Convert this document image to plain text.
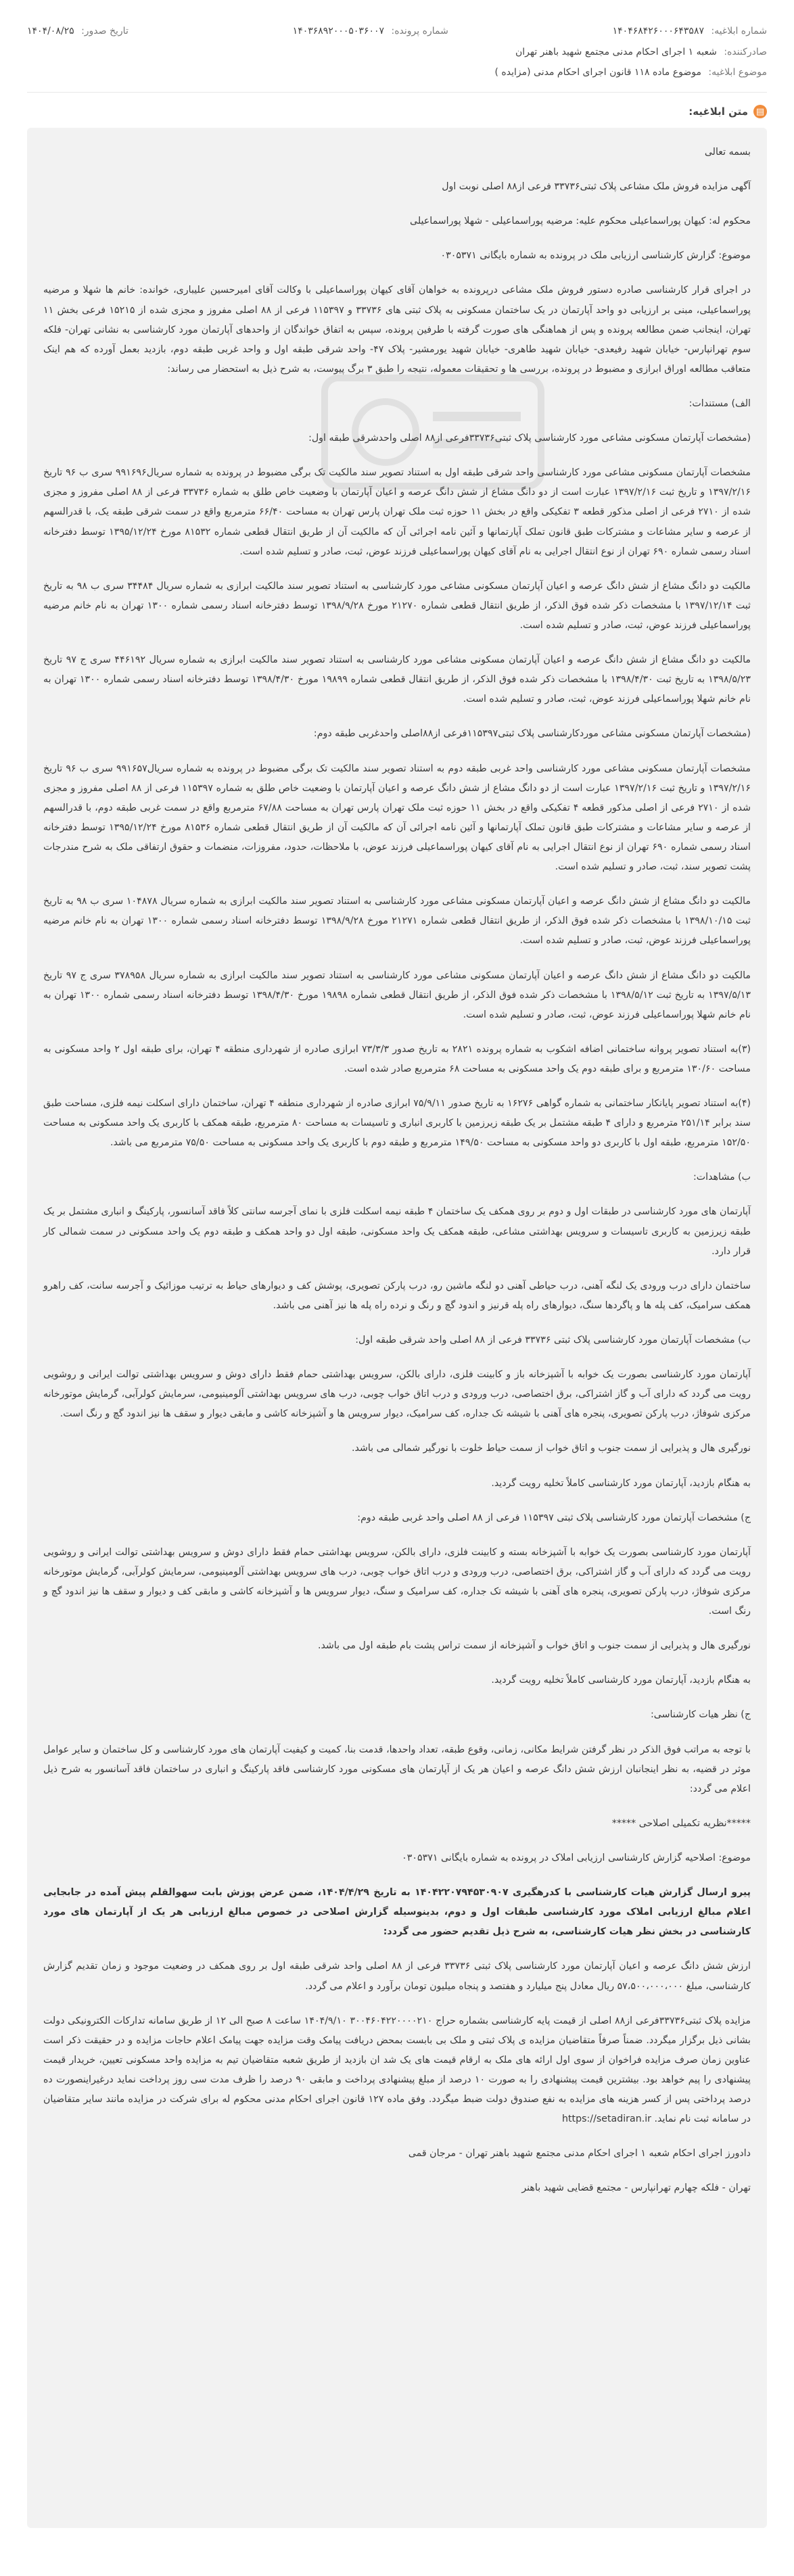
شماره ابلاغیه: ۱۴۰۴۶۸۴۲۶۰۰۰۶۴۳۵۸۷
شماره پرونده: ۱۴۰۳۶۸۹۲۰۰۰۵۰۳۶۰۰۷
تاریخ صدور: ۱۴۰۴/۰۸/۲۵
صادرکننده: شعبه ۱ اجرای احکام مدنی مجتمع شهید باهنر تهران
موضوع ابلاغیه: موضوع ماده ۱۱۸ قانون اجرای احکام مدنی (مزایده )
▤
متن ابلاغیه:

بسمه تعالی

آگهی مزایده فروش ملک مشاعی پلاک ثبتی۳۳۷۳۶ فرعی از۸۸ اصلی نوبت اول

محکوم له: کیهان پوراسماعیلی محکوم علیه: مرضیه پوراسماعیلی - شهلا پوراسماعیلی

موضوع: گزارش کارشناسی ارزیابی ملک در پرونده به شماره بایگانی ۰۳۰۵۳۷۱

در اجرای قرار کارشناسی صادره دستور فروش ملک مشاعی درپرونده به خواهان آقای کیهان پوراسماعیلی با وکالت آقای امیرحسین علیباری، خوانده: خانم ها شهلا و مرضیه پوراسماعیلی، مبنی بر ارزیابی دو واحد آپارتمان در یک ساختمان مسکونی به پلاک ثبتی های ۳۳۷۳۶ و ۱۱۵۳۹۷ فرعی از ۸۸ اصلی مفروز و مجزی شده از ۱۵۲۱۵ فرعی بخش ۱۱ تهران، اینجانب ضمن مطالعه پرونده و پس از هماهنگی های صورت گرفته با طرفین پرونده، سپس به اتفاق خواندگان از واحدهای آپارتمان مورد کارشناسی به نشانی تهران- فلکه سوم تهرانپارس- خیابان شهید رفیعدی- خیابان شهید طاهری- خیابان شهید یورمشیر- پلاک ۴۷- واحد شرقی طبقه اول و واحد غربی طبقه دوم، بازدید بعمل آورده که هم اینک متعاقب مطالعه اوراق ابرازی و مضبوط در پرونده، بررسی ها و تحقیقات معموله، نتیجه را طبق ۳ برگ پیوست، به شرح ذیل به استحضار می رساند:

الف) مستندات:

(مشخصات آپارتمان مسکونی مشاعی مورد کارشناسی پلاک ثبتی۳۳۷۳۶فرعی از۸۸ اصلی واحدشرقی طبقه اول:

مشخصات آپارتمان مسکونی مشاعی مورد کارشناسی واحد شرقی طبقه اول به استناد تصویر سند مالکیت تک برگی مضبوط در پرونده به شماره سریال۹۹۱۶۹۶ سری ب ۹۶ تاریخ ۱۳۹۷/۲/۱۶ و تاریخ ثبت ۱۳۹۷/۲/۱۶ عبارت است از دو دانگ مشاع از شش دانگ عرصه و اعیان آپارتمان با وضعیت خاص طلق به شماره ۳۳۷۳۶ فرعی از ۸۸ اصلی مفروز و مجزی شده از ۲۷۱۰ فرعی از اصلی مذکور قطعه ۳ تفکیکی واقع در بخش ۱۱ حوزه ثبت ملک تهران پارس تهران به مساحت ۶۶/۴۰ مترمربع واقع در سمت شرقی طبقه یک، با قدرالسهم از عرصه و سایر مشاعات و مشترکات طبق قانون تملک آپارتمانها و آئین نامه اجرائی آن که مالکیت آن از طریق انتقال قطعی شماره ۸۱۵۳۲ مورخ ۱۳۹۵/۱۲/۲۴ توسط دفترخانه اسناد رسمی شماره ۶۹۰ تهران از نوع انتقال اجرایی به نام آقای کیهان پوراسماعیلی فرزند عوض، ثبت، صادر و تسلیم شده است.

مالکیت دو دانگ مشاع از شش دانگ عرصه و اعیان آپارتمان مسکونی مشاعی مورد کارشناسی به استناد تصویر سند مالکیت ابرازی به شماره سریال ۳۴۴۸۴ سری ب ۹۸ به تاریخ ثبت ۱۳۹۷/۱۲/۱۴ با مشخصات ذکر شده فوق الذکر، از طریق انتقال قطعی شماره ۲۱۲۷۰ مورخ ۱۳۹۸/۹/۲۸ توسط دفترخانه اسناد رسمی شماره ۱۳۰۰ تهران به نام خانم مرضیه پوراسماعیلی فرزند عوض، ثبت، صادر و تسلیم شده است.

مالکیت دو دانگ مشاع از شش دانگ عرصه و اعیان آپارتمان مسکونی مشاعی مورد کارشناسی به استناد تصویر سند مالکیت ابرازی به شماره سریال ۴۴۶۱۹۲ سری ج ۹۷ تاریخ ۱۳۹۸/۵/۲۳ به تاریخ ثبت ۱۳۹۸/۴/۳۰ با مشخصات ذکر شده فوق الذکر، از طریق انتقال قطعی شماره ۱۹۸۹۹ مورخ ۱۳۹۸/۴/۳۰ توسط دفترخانه اسناد رسمی شماره ۱۳۰۰ تهران به نام خانم شهلا پوراسماعیلی فرزند عوض، ثبت، صادر و تسلیم شده است.

(مشخصات آپارتمان مسکونی مشاعی موردکارشناسی پلاک ثبتی۱۱۵۳۹۷فرعی از۸۸اصلی واحدغربی طبقه دوم:

مشخصات آپارتمان مسکونی مشاعی مورد کارشناسی واحد غربی طبقه دوم به استناد تصویر سند مالکیت تک برگی مضبوط در پرونده به شماره سریال۹۹۱۶۵۷ سری ب ۹۶ تاریخ ۱۳۹۷/۲/۱۶ و تاریخ ثبت ۱۳۹۷/۲/۱۶ عبارت است از دو دانگ مشاع از شش دانگ عرصه و اعیان آپارتمان با وضعیت خاص طلق به شماره ۱۱۵۳۹۷ فرعی از ۸۸ اصلی مفروز و مجزی شده از ۲۷۱۰ فرعی از اصلی مذکور قطعه ۴ تفکیکی واقع در بخش ۱۱ حوزه ثبت ملک تهران پارس تهران به مساحت ۶۷/۸۸ مترمربع واقع در سمت غربی طبقه دوم، با قدرالسهم از عرصه و سایر مشاعات و مشترکات طبق قانون تملک آپارتمانها و آئین نامه اجرائی آن که مالکیت آن از طریق انتقال قطعی شماره ۸۱۵۳۶ مورخ ۱۳۹۵/۱۲/۲۴ توسط دفترخانه اسناد رسمی شماره ۶۹۰ تهران از نوع انتقال اجرایی به نام آقای کیهان پوراسماعیلی فرزند عوض، با ملاحظات، حدود، مفروزات، منضمات و حقوق ارتفاقی ملک به شرح مندرجات پشت تصویر سند، ثبت، صادر و تسلیم شده است.

مالکیت دو دانگ مشاع از شش دانگ عرصه و اعیان آپارتمان مسکونی مشاعی مورد کارشناسی به استناد تصویر سند مالکیت ابرازی به شماره سریال ۱۰۴۸۷۸ سری ب ۹۸ به تاریخ ثبت ۱۳۹۸/۱۰/۱۵ با مشخصات ذکر شده فوق الذکر، از طریق انتقال قطعی شماره ۲۱۲۷۱ مورخ ۱۳۹۸/۹/۲۸ توسط دفترخانه اسناد رسمی شماره ۱۳۰۰ تهران به نام خانم مرضیه پوراسماعیلی فرزند عوض، ثبت، صادر و تسلیم شده است.

مالکیت دو دانگ مشاع از شش دانگ عرصه و اعیان آپارتمان مسکونی مشاعی مورد کارشناسی به استناد تصویر سند مالکیت ابرازی به شماره سریال ۳۷۸۹۵۸ سری ج ۹۷ تاریخ ۱۳۹۷/۵/۱۳ به تاریخ ثبت ۱۳۹۸/۵/۱۲ با مشخصات ذکر شده فوق الذکر، از طریق انتقال قطعی شماره ۱۹۸۹۸ مورخ ۱۳۹۸/۴/۳۰ توسط دفترخانه اسناد رسمی شماره ۱۳۰۰ تهران به نام خانم شهلا پوراسماعیلی فرزند عوض، ثبت، صادر و تسلیم شده است.

(۳)به استناد تصویر پروانه ساختمانی اضافه اشکوب به شماره پرونده ۲۸۲۱ به تاریخ صدور ۷۳/۳/۳ ابرازی صادره از شهرداری منطقه ۴ تهران، برای طبقه اول ۲ واحد مسکونی به مساحت ۱۳۰/۶۰ مترمربع و برای طبقه دوم یک واحد مسکونی به مساحت ۶۸ مترمربع صادر شده است.

(۴)به استناد تصویر پایانکار ساختمانی به شماره گواهی ۱۶۲۷۶ به تاریخ صدور ۷۵/۹/۱۱ ابرازی صادره از شهرداری منطقه ۴ تهران، ساختمان دارای اسکلت نیمه فلزی، مساحت طبق سند برابر ۲۵۱/۱۴ مترمربع و دارای ۴ طبقه مشتمل بر یک طبقه زیرزمین با کاربری انباری و تاسیسات به مساحت ۸۰ مترمربع، طبقه همکف با کاربری یک واحد مسکونی به مساحت ۱۵۲/۵۰ مترمربع، طبقه اول با کاربری دو واحد مسکونی به مساحت ۱۴۹/۵۰ مترمربع و طبقه دوم با کاربری یک واحد مسکونی به مساحت ۷۵/۵۰ مترمربع می باشد.

ب) مشاهدات:

آپارتمان های مورد کارشناسی در طبقات اول و دوم بر روی همکف یک ساختمان ۴ طبقه نیمه اسکلت فلزی با نمای آجرسه سانتی کلاً فاقد آسانسور، پارکینگ و انباری مشتمل بر یک طبقه زیرزمین به کاربری تاسیسات و سرویس بهداشتی مشاعی، طبقه همکف یک واحد مسکونی، طبقه اول دو واحد همکف و طبقه دوم یک واحد مسکونی در سمت شمالی کار قرار دارد.

ساختمان دارای درب ورودی یک لنگه آهنی، درب حیاطی آهنی دو لنگه ماشین رو، درب پارکن تصویری، پوشش کف و دیوارهای حیاط به ترتیب موزائیک و آجرسه سانت، کف راهرو همکف سرامیک، کف پله ها و پاگردها سنگ، دیوارهای راه پله قرنیز و اندود گچ و رنگ و نرده راه پله ها نیز آهنی می باشد.

ب) مشخصات آپارتمان مورد کارشناسی پلاک ثبتی ۳۳۷۳۶ فرعی از ۸۸ اصلی واحد شرقی طبقه اول:

آپارتمان مورد کارشناسی بصورت یک خوابه با آشپزخانه باز و کابینت فلزی، دارای بالکن، سرویس بهداشتی حمام فقط دارای دوش و سرویس بهداشتی توالت ایرانی و روشویی رویت می گردد که دارای آب و گاز اشتراکی، برق اختصاصی، درب ورودی و درب اتاق خواب چوبی، درب های سرویس بهداشتی آلومینیومی، سرمایش کولرآبی، گرمایش موتورخانه مرکزی شوفاژ، درب پارکن تصویری، پنجره های آهنی با شیشه تک جداره، کف سرامیک، دیوار سرویس ها و آشپزخانه کاشی و مابقی دیوار و سقف ها نیز اندود گچ و رنگ است.

نورگیری هال و پذیرایی از سمت جنوب و اتاق خواب از سمت حیاط خلوت با نورگیر شمالی می باشد.

به هنگام بازدید، آپارتمان مورد کارشناسی کاملاً تخلیه رویت گردید.

ج) مشخصات آپارتمان مورد کارشناسی پلاک ثبتی ۱۱۵۳۹۷ فرعی از ۸۸ اصلی واحد غربی طبقه دوم:

آپارتمان مورد کارشناسی بصورت یک خوابه با آشپزخانه بسته و کابینت فلزی، دارای بالکن، سرویس بهداشتی حمام فقط دارای دوش و سرویس بهداشتی توالت ایرانی و روشویی رویت می گردد که دارای آب و گاز اشتراکی، برق اختصاصی، درب ورودی و درب اتاق خواب چوبی، درب های سرویس بهداشتی آلومینیومی، سرمایش کولرآبی، گرمایش موتورخانه مرکزی شوفاژ، درب پارکن تصویری، پنجره های آهنی با شیشه تک جداره، کف سرامیک و سنگ، دیوار سرویس ها و آشپزخانه کاشی و مابقی کف و دیوار و سقف ها نیز اندود گچ و رنگ است.

نورگیری هال و پذیرایی از سمت جنوب و اتاق خواب و آشپزخانه از سمت تراس پشت بام طبقه اول می باشد.

به هنگام بازدید، آپارتمان مورد کارشناسی کاملاً تخلیه رویت گردید.

ج) نظر هیات کارشناسی:

با توجه به مراتب فوق الذکر در نظر گرفتن شرایط مکانی، زمانی، وقوع طبقه، تعداد واحدها، قدمت بنا، کمیت و کیفیت آپارتمان های مورد کارشناسی و کل ساختمان و سایر عوامل موثر در قضیه، به نظر اینجانبان ارزش شش دانگ عرصه و اعیان هر یک از آپارتمان های مسکونی مورد کارشناسی فاقد پارکینگ و انباری در ساختمان فاقد آسانسور به شرح ذیل اعلام می گردد:

*****نظریه تکمیلی اصلاحی *****

موضوع: اصلاحیه گزارش کارشناسی ارزیابی املاک در پرونده به شماره بایگانی ۰۳۰۵۳۷۱

پیرو ارسال گزارش هیات کارشناسی با کدرهگیری ۱۴۰۴۲۲۰۷۹۴۵۳۰۹۰۷ به تاریخ ۱۴۰۴/۴/۲۹، ضمن عرض پوزش بابت سهوالقلم پیش آمده در جابجایی اعلام مبالغ ارزیابی املاک مورد کارشناسی طبقات اول و دوم، بدینوسیله گزارش اصلاحی در خصوص مبالغ ارزیابی هر یک از آپارتمان های مورد کارشناسی در بخش نظر هیات کارشناسی، به شرح ذیل تقدیم حضور می گردد:

ارزش شش دانگ عرصه و اعیان آپارتمان مورد کارشناسی پلاک ثبتی ۳۳۷۳۶ فرعی از ۸۸ اصلی واحد شرقی طبقه اول بر روی همکف در وضعیت موجود و زمان تقدیم گزارش کارشناسی، مبلغ ۵۷،۵۰۰،۰۰۰،۰۰۰ ریال معادل پنج میلیارد و هفتصد و پنجاه میلیون تومان برآورد و اعلام می گردد.

مزایده پلاک ثبتی۳۳۷۳۶فرعی از۸۸ اصلی از قیمت پایه کارشناسی بشماره حراج ۳۰۰۴۶۰۴۲۲۰۰۰۰۲۱۰ ۱۴۰۴/۹/۱۰ ساعت ۸ صبح الی ۱۲ از طریق سامانه تدارکات الکترونیکی دولت بشانی ذیل برگزار میگردد. ضمناً صرفاً متقاضیان مزایده ی پلاک ثبتی و ملک بی بابست بمحض دریافت پیامک وقت مزایده جهت پیامک اعلام حاجات مزایده و در حقیقت ذکر است عناوین زمان صرف مزایده فراخوان از سوی اول ارائه های ملک به ارقام قیمت های یک شد ان بازدید از طریق شعبه متقاضیان تیم به مزایده واحد مسکونی تعیین، خریدار قیمت پیشنهادی را پیم خواهد بود. بیشترین قیمت پیشنهادی را به صورت ۱۰ درصد از مبلغ پیشنهادی پرداخت و مابقی ۹۰ درصد را ظرف مدت سی روز پرداخت نماید درغیراینصورت ده درصد پرداختی پس از کسر هزینه های مزایده به نفع صندوق دولت ضبط میگردد. وفق ماده ۱۲۷ قانون اجرای احکام مدنی محکوم له برای شرکت در مزایده مانند سایر متقاضیان در سامانه ثبت نام نماید. https://setadiran.ir

دادورز اجرای احکام شعبه ۱ اجرای احکام مدنی مجتمع شهید باهنر تهران - مرجان قمی

تهران - فلکه چهارم تهرانپارس - مجتمع قضایی شهید باهنر
